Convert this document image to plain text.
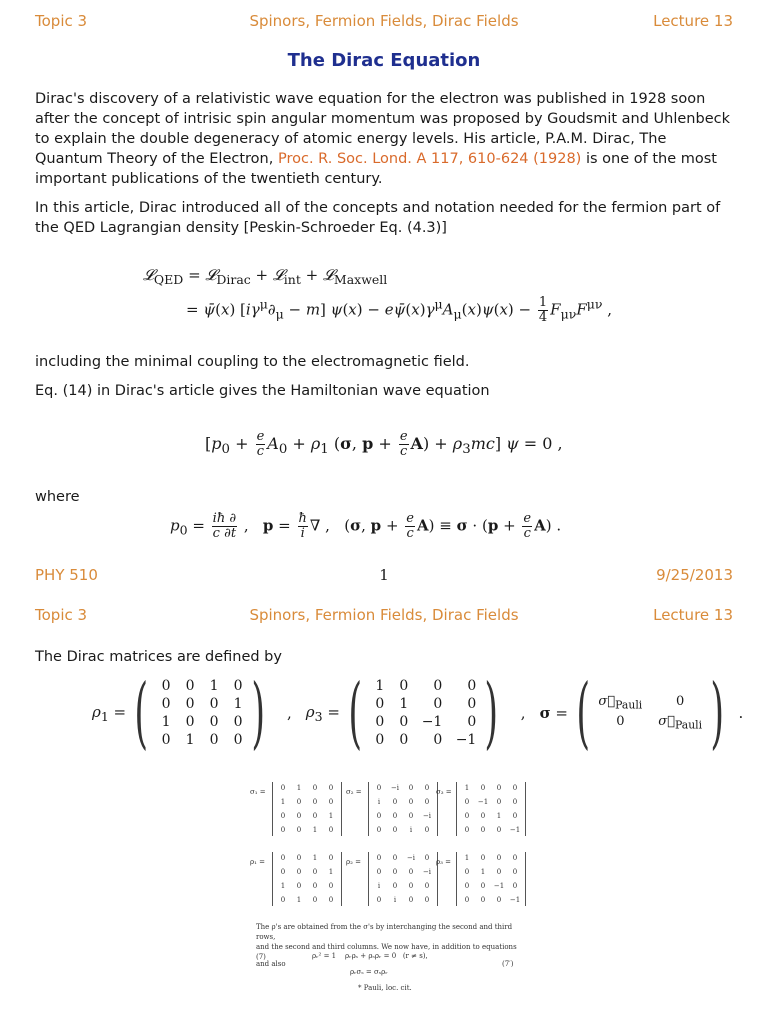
Topic 3	Spinors, Fermion Fields, Dirac Fields	Lecture 13
The Dirac Equation

Dirac's discovery of a relativistic wave equation for the electron was published in 1928 soon after the concept of intrisic spin angular momentum was proposed by Goudsmit and Uhlenbeck to explain the double degeneracy of atomic energy levels. His article, P.A.M. Dirac, The Quantum Theory of the Electron, Proc. R. Soc. Lond. A 117, 610-624 (1928) is one of the most important publications of the twentieth century.

In this article, Dirac introduced all of the concepts and notation needed for the fermion part of the QED Lagrangian density [Peskin-Schroeder Eq. (4.3)]

𝓛$_{QED}$ = 𝓛$_{Dirac}$ + 𝓛$_{int}$ + 𝓛$_{Maxwell}$
= ψ̄(x) $[i\gamma^\mu\partial_\mu - m] \psi(x)$ − $e\psī(x)\gamma^\mu A_\mu(x)\psi(x) - \frac{1}{4} F_{\mu\nu}F^{\mu\nu}$ ,

including the minimal coupling to the electromagnetic field.

Eq. (14) in Dirac's article gives the Hamiltonian wave equation

[$p_0 + \frac{e}{c} A_0 + \rho_1$ (σ, $p + \frac{e}{c} A) + \rho_3mc$] ψ = 0 ,

where

$p_0 = \frac{iħ \partial}{c \partial t}$ ,   $p = \frac{ħ}{i}$ ∇ ,   (σ, $p + \frac{e}{c} A) \equiv \sigma \cdot (p + \frac{e}{c} A)$ .
PHY 510	1	9/25/2013
Topic 3	Spinors, Fermion Fields, Dirac Fields	Lecture 13

The Dirac matrices are defined by

$\rho_1$ = ( 0	0	1	0
0	0	0	1
1	0	0	0
0	1	0	0 ) , $\rho_3$ = ( 1	0	0	0
0	1	0	0
0	0 −1	0
0	0	0 −1 ) , σ = ( $\sigma⃗_{Pauli}$	0
0	$\sigma⃗_{Pauli}$ ) .
σ₁ =	0	1	0	0
1	0	0	0
0	0	0	1
0	0	1	0
σ₂ =	0	−i	0	0
i	0	0	0
0	0	0	−i
0	0	i	0
σ₃ =	1	0	0	0
0	−1	0	0
0	0	1	0
0	0	0	−1
ρ₁ =	0	0	1	0
0	0	0	1
1	0	0	0
0	1	0	0
ρ₂ =	0	0	−i	0
0	0	0	−i
i	0	0	0
0	i	0	0
ρ₃ =	1	0	0	0
0	1	0	0
0	0	−1	0
0	0	0	−1
The ρ's are obtained from the σ's by interchanging the second and third rows,
and the second and third columns. We now have, in addition to equations (7)
and also
ρᵣ² = 1    ρᵣρₛ + ρₛρᵣ = 0   (r ≠ s),
ρᵣσₛ = σₛρᵣ
(7′)
* Pauli, loc. cit.
